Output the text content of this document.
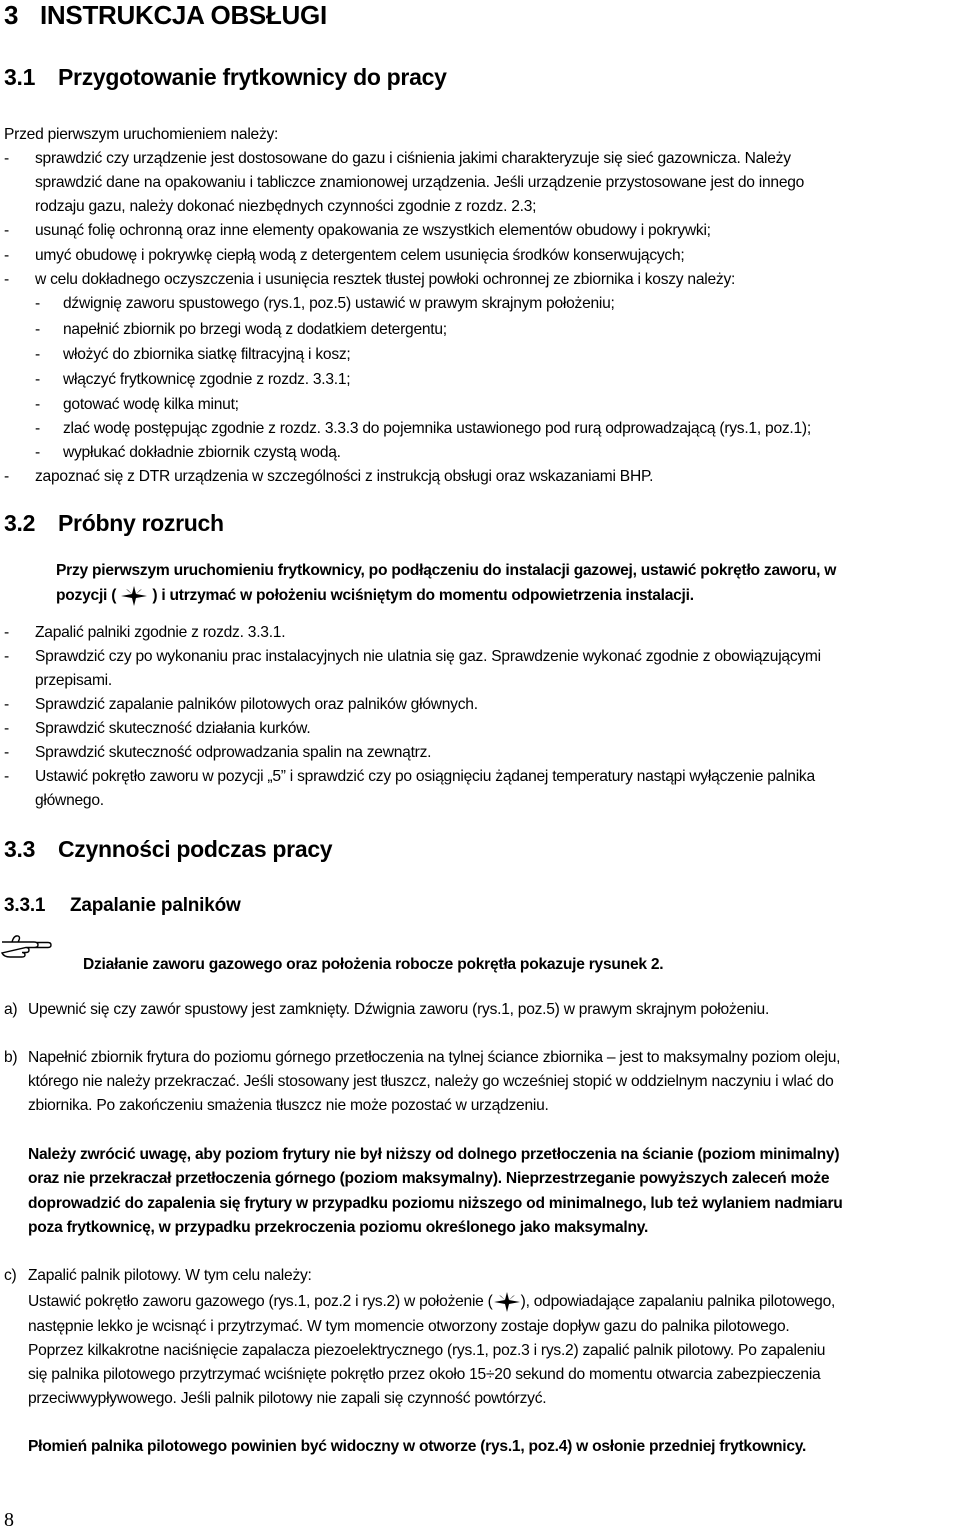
3 INSTRUKCJA OBSŁUGI
3.1 Przygotowanie frytkownicy do pracy
Przed pierwszym uruchomieniem należy:
- sprawdzić czy urządzenie jest dostosowane do gazu i ciśnienia jakimi charakteryzuje się sieć gazownicza. Należy
sprawdzić dane na opakowaniu i tabliczce znamionowej urządzenia. Jeśli urządzenie przystosowane jest do innego
rodzaju gazu, należy dokonać niezbędnych czynności zgodnie z rozdz. 2.3;
- usunąć folię ochronną oraz inne elementy opakowania ze wszystkich elementów obudowy i pokrywki;
- umyć obudowę i pokrywkę ciepłą wodą z detergentem celem usunięcia środków konserwujących;
- w celu dokładnego oczyszczenia i usunięcia resztek tłustej powłoki ochronnej ze zbiornika i koszy należy:
- dźwignię zaworu spustowego (rys.1, poz.5) ustawić w prawym skrajnym położeniu;
- napełnić zbiornik po brzegi wodą z dodatkiem detergentu;
- włożyć do zbiornika siatkę filtracyjną i kosz;
- włączyć frytkownicę zgodnie z rozdz. 3.3.1;
- gotować wodę kilka minut;
- zlać wodę postępując zgodnie z rozdz. 3.3.3 do pojemnika ustawionego pod rurą odprowadzającą (rys.1, poz.1);
- wypłukać dokładnie zbiornik czystą wodą.
- zapoznać się z DTR urządzenia w szczególności z instrukcją obsługi oraz wskazaniami BHP.
3.2 Próbny rozruch
Przy pierwszym uruchomieniu frytkownicy, po podłączeniu do instalacji gazowej, ustawić pokrętło zaworu, w
pozycji ( ) i utrzymać w położeniu wciśniętym do momentu odpowietrzenia instalacji.
- Zapalić palniki zgodnie z rozdz. 3.3.1.
- Sprawdzić czy po wykonaniu prac instalacyjnych nie ulatnia się gaz. Sprawdzenie wykonać zgodnie z obowiązującymi
przepisami.
- Sprawdzić zapalanie palników pilotowych oraz palników głównych.
- Sprawdzić skuteczność działania kurków.
- Sprawdzić skuteczność odprowadzania spalin na zewnątrz.
- Ustawić pokrętło zaworu w pozycji „5” i sprawdzić czy po osiągnięciu żądanej temperatury nastąpi wyłączenie palnika
głównego.
3.3 Czynności podczas pracy
3.3.1 Zapalanie palników
Działanie zaworu gazowego oraz położenia robocze pokrętła pokazuje rysunek 2.
a) Upewnić się czy zawór spustowy jest zamknięty. Dźwignia zaworu (rys.1, poz.5) w prawym skrajnym położeniu.
b) Napełnić zbiornik frytura do poziomu górnego przetłoczenia na tylnej ściance zbiornika – jest to maksymalny poziom oleju,
którego nie należy przekraczać. Jeśli stosowany jest tłuszcz, należy go wcześniej stopić w oddzielnym naczyniu i wlać do
zbiornika. Po zakończeniu smażenia tłuszcz nie może pozostać w urządzeniu.
Należy zwrócić uwagę, aby poziom frytury nie był niższy od dolnego przetłoczenia na ścianie (poziom minimalny)
oraz nie przekraczał przetłoczenia górnego (poziom maksymalny). Nieprzestrzeganie powyższych zaleceń może
doprowadzić do zapalenia się frytury w przypadku poziomu niższego od minimalnego, lub też wylaniem nadmiaru
poza frytkownicę, w przypadku przekroczenia poziomu określonego jako maksymalny.
c) Zapalić palnik pilotowy. W tym celu należy:
Ustawić pokrętło zaworu gazowego (rys.1, poz.2 i rys.2) w położenie ( ), odpowiadające zapalaniu palnika pilotowego,
następnie lekko je wcisnąć i przytrzymać. W tym momencie otworzony zostaje dopływ gazu do palnika pilotowego.
Poprzez kilkakrotne naciśnięcie zapalacza piezoelektrycznego (rys.1, poz.3 i rys.2) zapalić palnik pilotowy. Po zapaleniu
się palnika pilotowego przytrzymać wciśnięte pokrętło przez około 15÷20 sekund do momentu otwarcia zabezpieczenia
przeciwwypływowego. Jeśli palnik pilotowy nie zapali się czynność powtórzyć.
Płomień palnika pilotowego powinien być widoczny w otworze (rys.1, poz.4) w osłonie przedniej frytkownicy.
8
